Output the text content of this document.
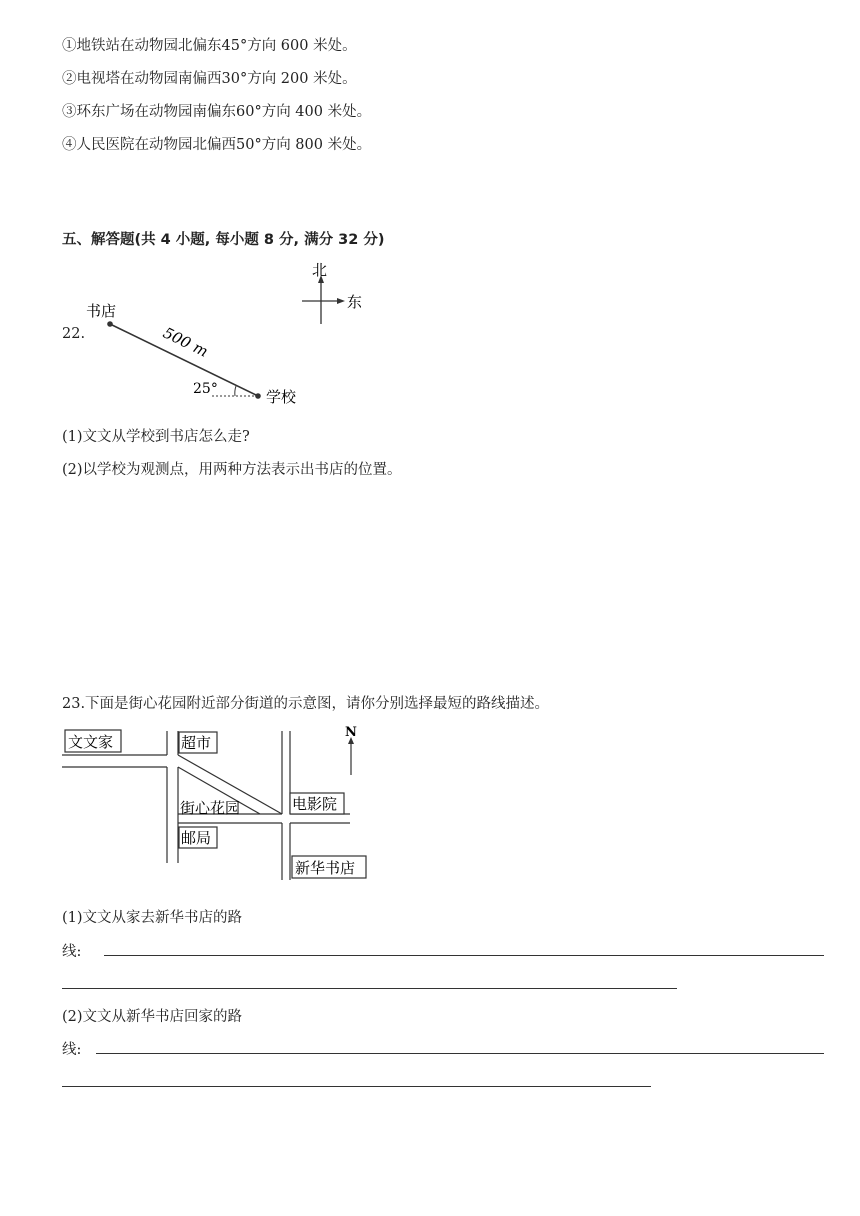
①地铁站在动物园北偏东45°方向 600 米处。
②电视塔在动物园南偏西30°方向 200 米处。
③环东广场在动物园南偏东60°方向 400 米处。
④人民医院在动物园北偏西50°方向 800 米处。
五、解答题(共 4 小题, 每小题 8 分, 满分 32 分)
22.
北
东
书店
学校
500 m
25°
(1)文文从学校到书店怎么走?
(2)以学校为观测点，用两种方法表示出书店的位置。
23.下面是街心花园附近部分街道的示意图，请你分别选择最短的路线描述。
N
文文家	超市
街心花园
邮局
电影院
新华书店
(1)文文从家去新华书店的路
线:
(2)文文从新华书店回家的路
线:
